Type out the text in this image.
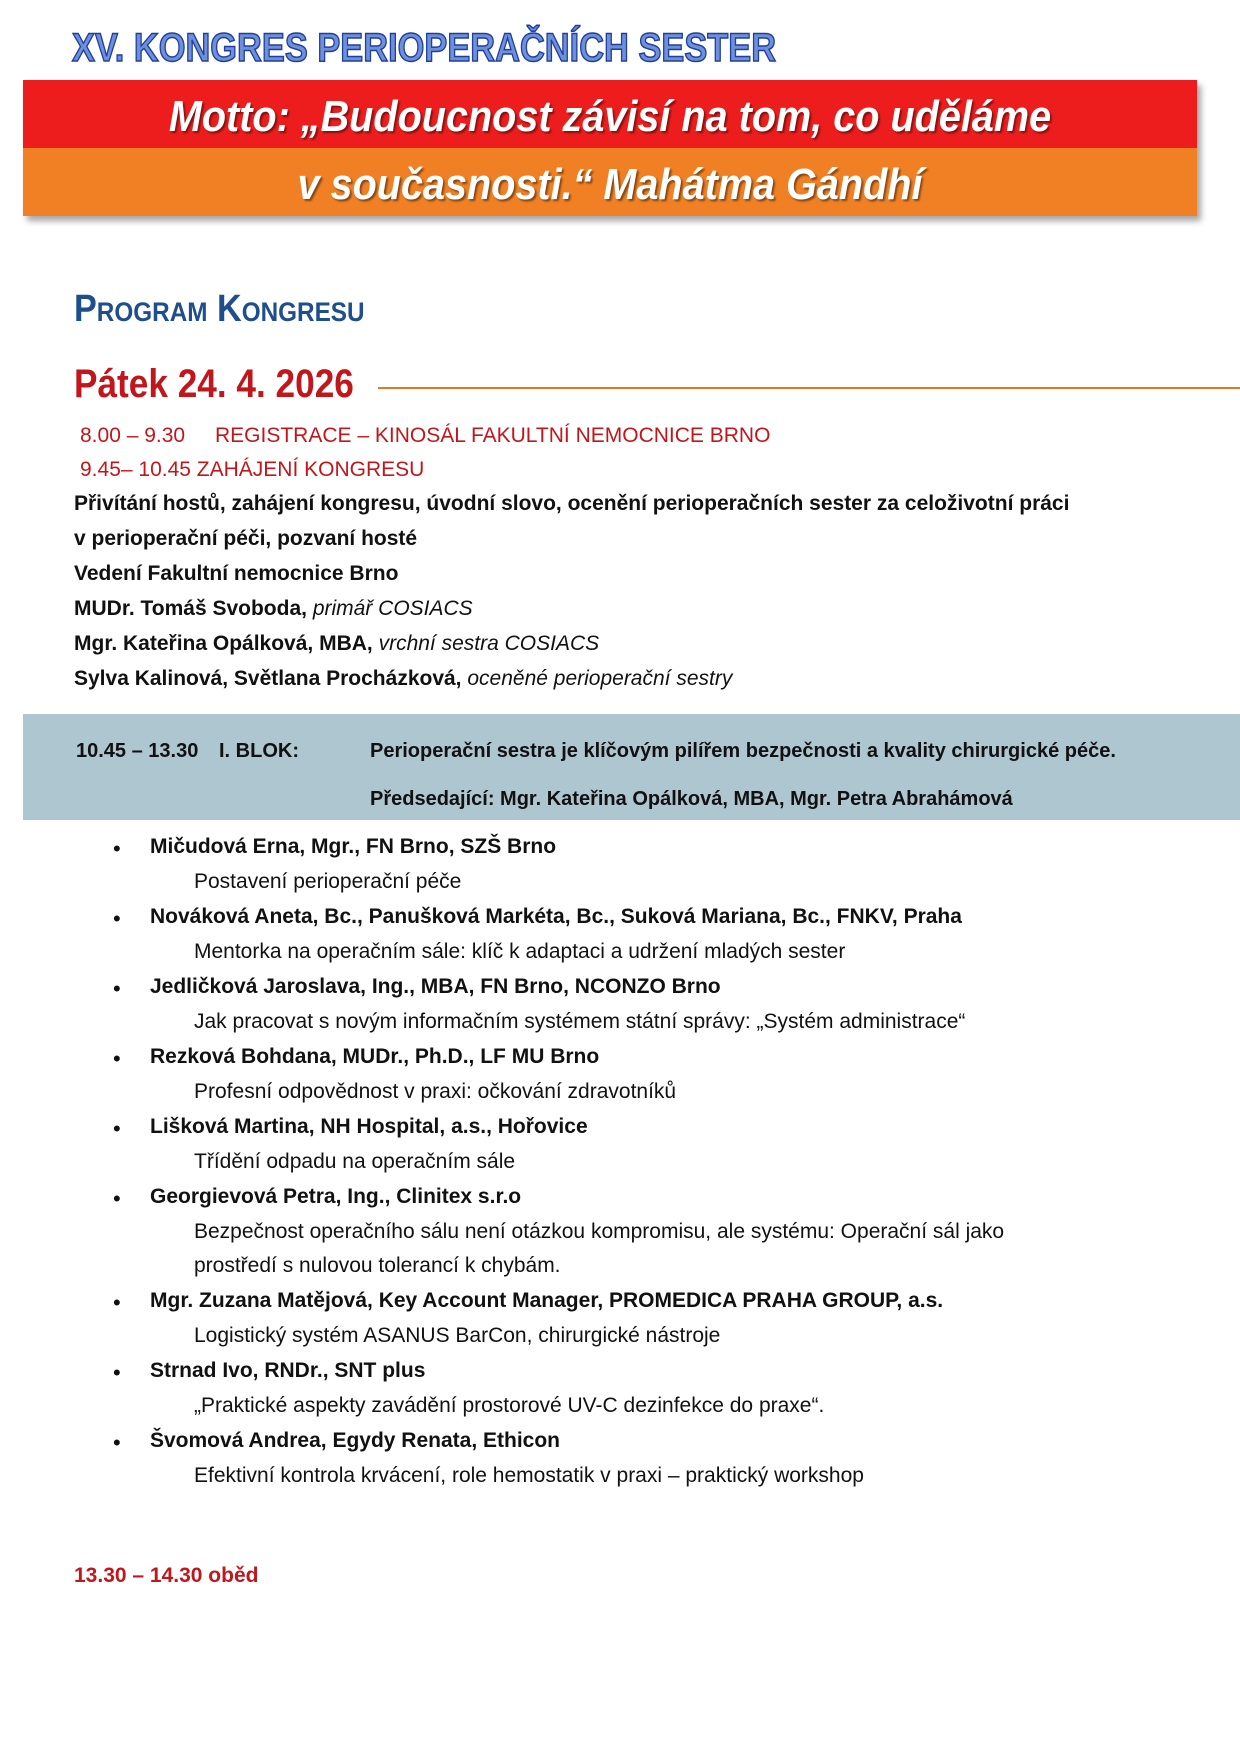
XV. KONGRES PERIOPERAČNÍCH SESTER
Motto: „Budoucnost závisí na tom, co uděláme
v současnosti.“ Mahátma Gándhí
Program Kongresu
Pátek 24. 4. 2026
8.00 – 9.30 REGISTRACE – KINOSÁL FAKULTNÍ NEMOCNICE BRNO
9.45– 10.45 ZAHÁJENÍ KONGRESU
Přivítání hostů, zahájení kongresu, úvodní slovo, ocenění perioperačních sester za celoživotní práci
v perioperační péči, pozvaní hosté
Vedení Fakultní nemocnice Brno
MUDr. Tomáš Svoboda, primář COSIACS
Mgr. Kateřina Opálková, MBA, vrchní sestra COSIACS
Sylva Kalinová, Světlana Procházková, oceněné perioperační sestry
10.45 – 13.30 I. BLOK:	Perioperační sestra je klíčovým pilířem bezpečnosti a kvality chirurgické péče.
Předsedající: Mgr. Kateřina Opálková, MBA, Mgr. Petra Abrahámová
• Mičudová Erna, Mgr., FN Brno, SZŠ Brno
Postavení perioperační péče
• Nováková Aneta, Bc., Panušková Markéta, Bc., Suková Mariana, Bc., FNKV, Praha
Mentorka na operačním sále: klíč k adaptaci a udržení mladých sester
• Jedličková Jaroslava, Ing., MBA, FN Brno, NCONZO Brno
Jak pracovat s novým informačním systémem státní správy: „Systém administrace“
• Rezková Bohdana, MUDr., Ph.D., LF MU Brno
Profesní odpovědnost v praxi: očkování zdravotníků
• Lišková Martina, NH Hospital, a.s., Hořovice
Třídění odpadu na operačním sále
• Georgievová Petra, Ing., Clinitex s.r.o
Bezpečnost operačního sálu není otázkou kompromisu, ale systému: Operační sál jako
prostředí s nulovou tolerancí k chybám.
• Mgr. Zuzana Matějová, Key Account Manager, PROMEDICA PRAHA GROUP, a.s.
Logistický systém ASANUS BarCon, chirurgické nástroje
• Strnad Ivo, RNDr., SNT plus
„Praktické aspekty zavádění prostorové UV-C dezinfekce do praxe“.
• Švomová Andrea, Egydy Renata, Ethicon
Efektivní kontrola krvácení, role hemostatik v praxi – praktický workshop
13.30 – 14.30 oběd
